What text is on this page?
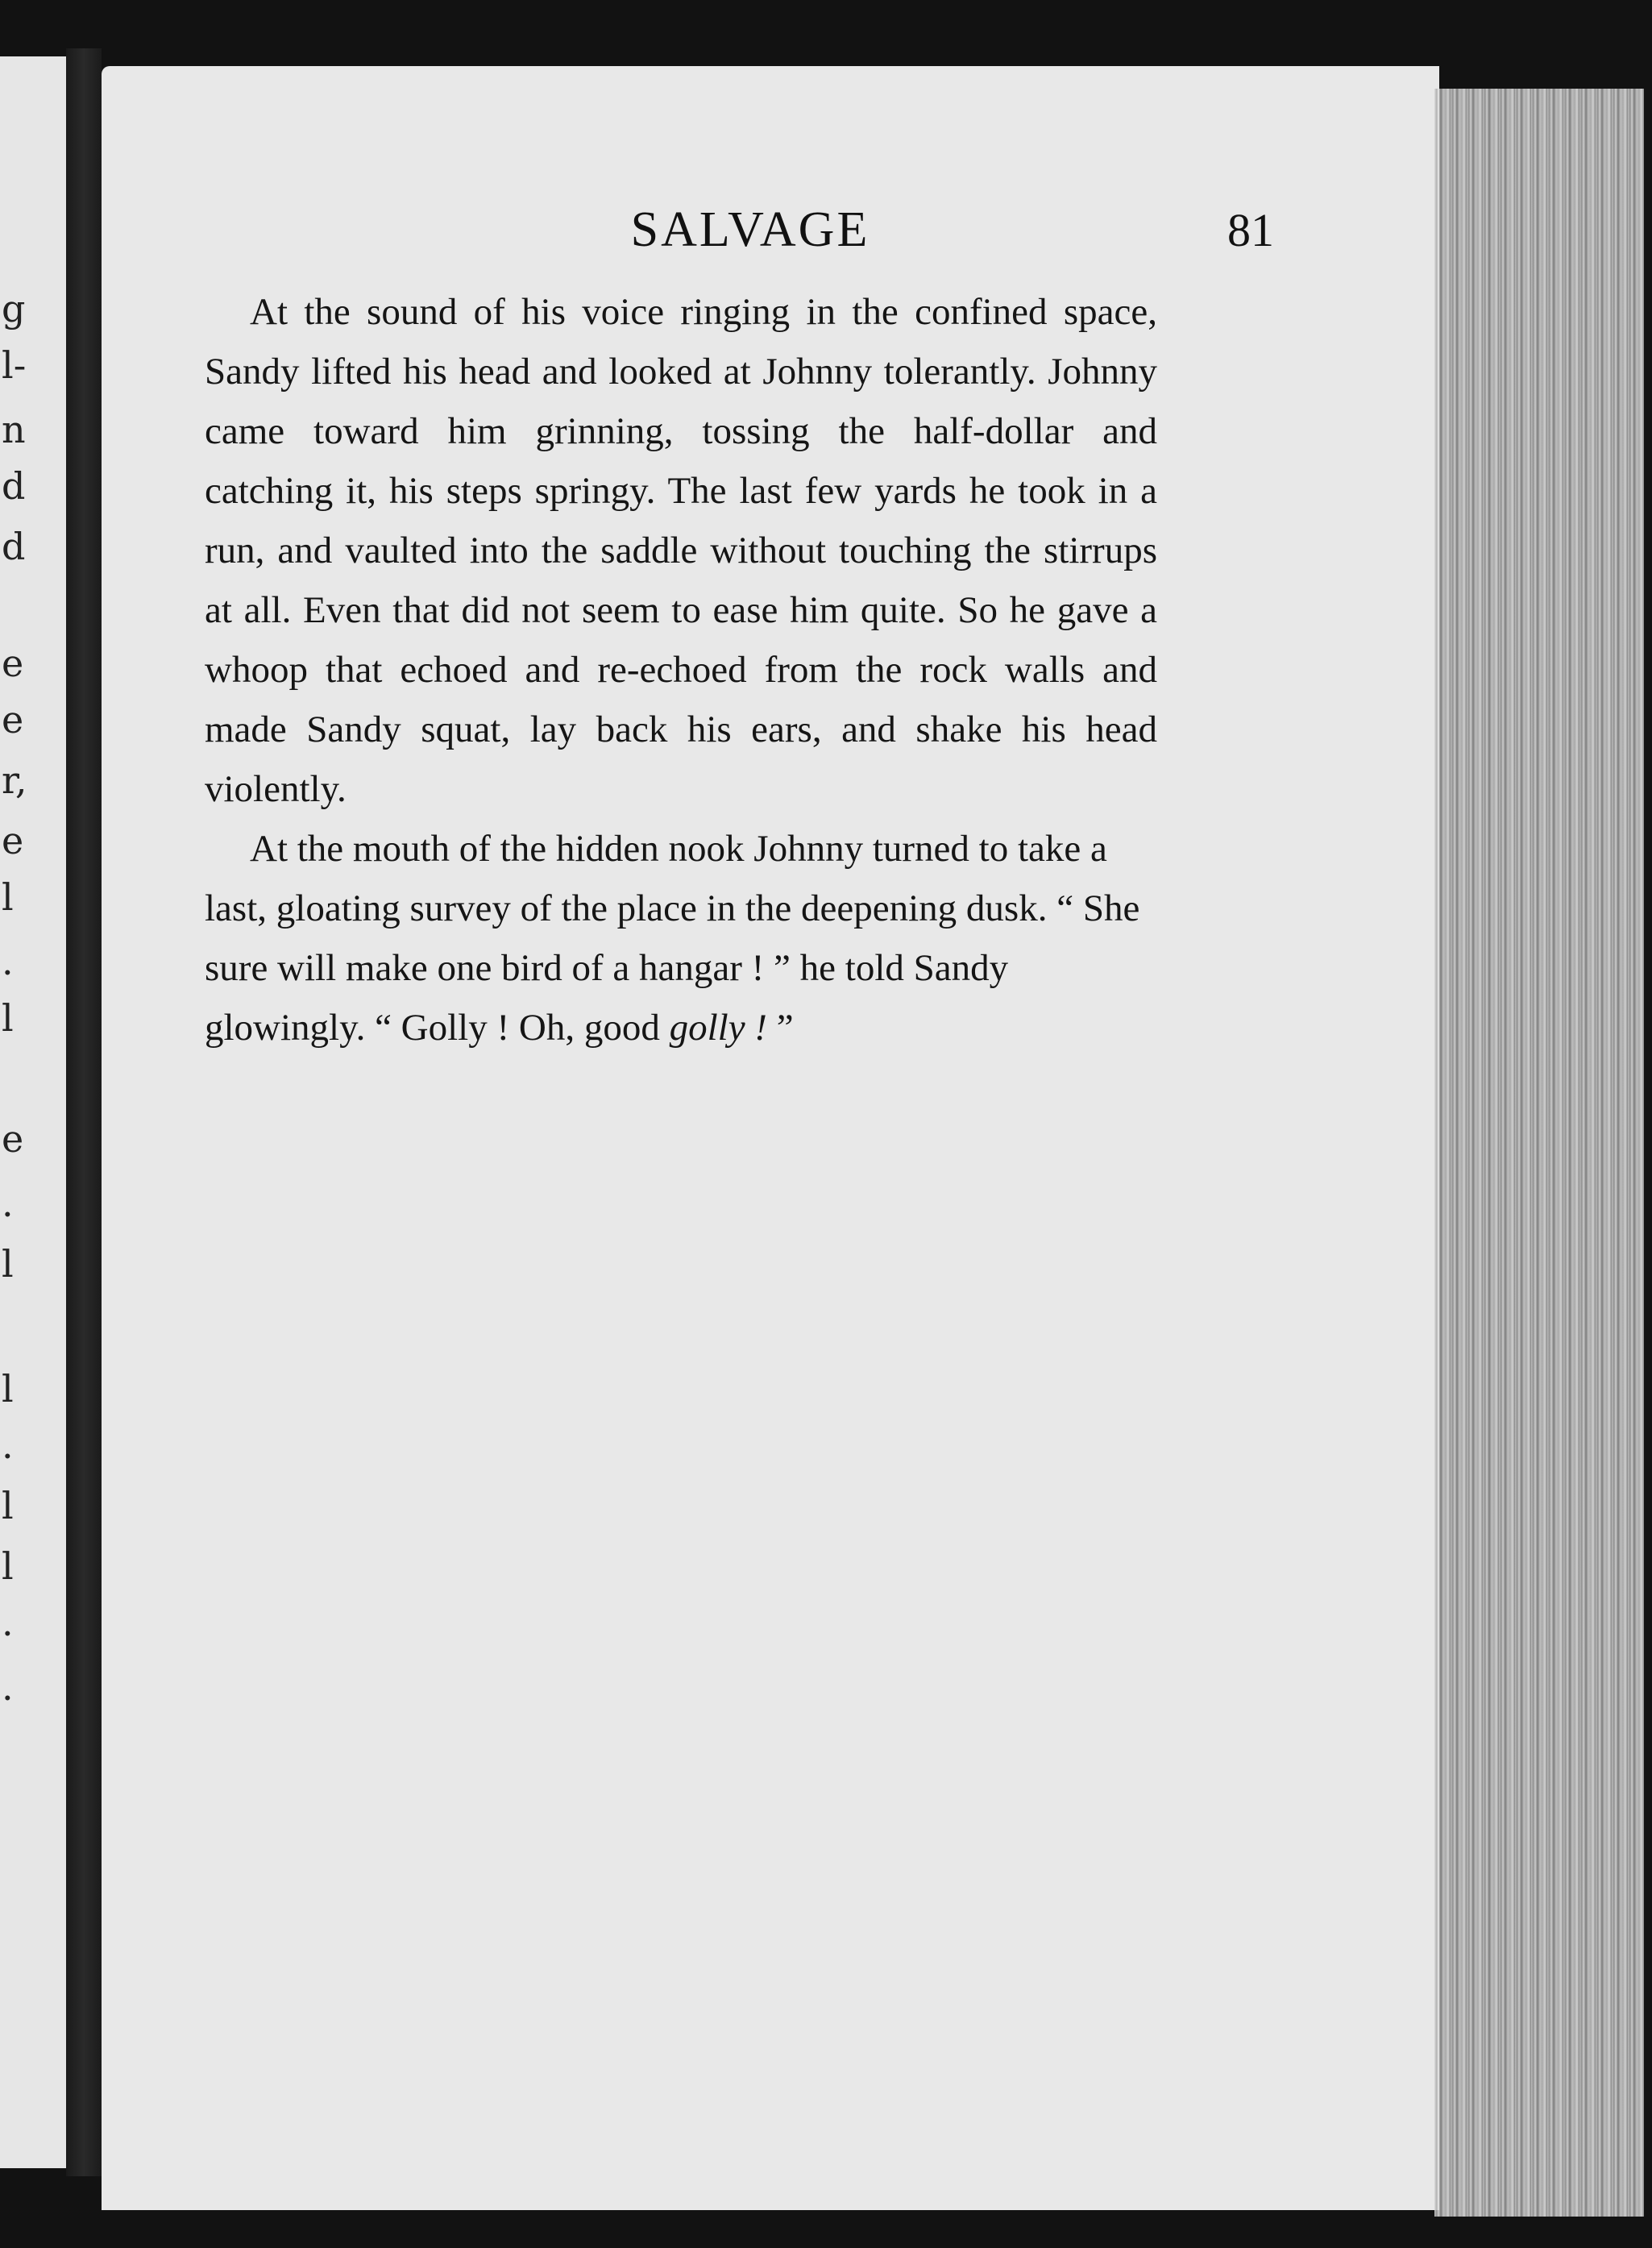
g
l-
n
d
d
e
e
r,
e
l
.
l
e
.
l
l
.
l
l
.
.
SALVAGE	81

At the sound of his voice ringing in the confined space, Sandy lifted his head and looked at Johnny tolerantly. Johnny came toward him grinning, tossing the half-dollar and catching it, his steps springy. The last few yards he took in a run, and vaulted into the saddle without touching the stirrups at all. Even that did not seem to ease him quite. So he gave a whoop that echoed and re-echoed from the rock walls and made Sandy squat, lay back his ears, and shake his head violently.

At the mouth of the hidden nook Johnny turned to take a last, gloating survey of the place in the deepening dusk. “ She sure will make one bird of a hangar ! ” he told Sandy glowingly. “ Golly ! Oh, good golly ! ”
